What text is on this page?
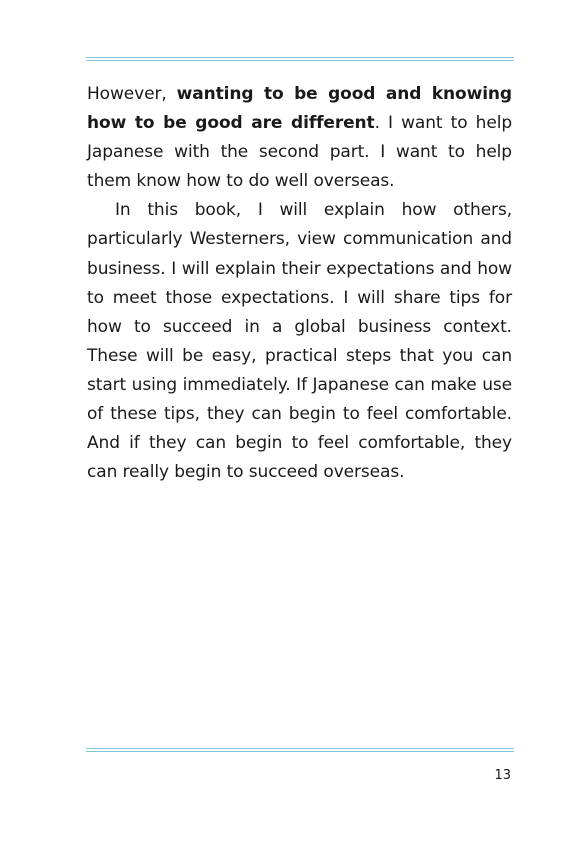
However, wanting to be good and knowing how to be good are different. I want to help Japanese with the second part. I want to help them know how to do well overseas.

In this book, I will explain how others, particularly Westerners, view communication and business. I will explain their expectations and how to meet those expectations. I will share tips for how to succeed in a global business context. These will be easy, practical steps that you can start using immediately. If Japanese can make use of these tips, they can begin to feel comfortable. And if they can begin to feel comfortable, they can really begin to succeed overseas.

13
